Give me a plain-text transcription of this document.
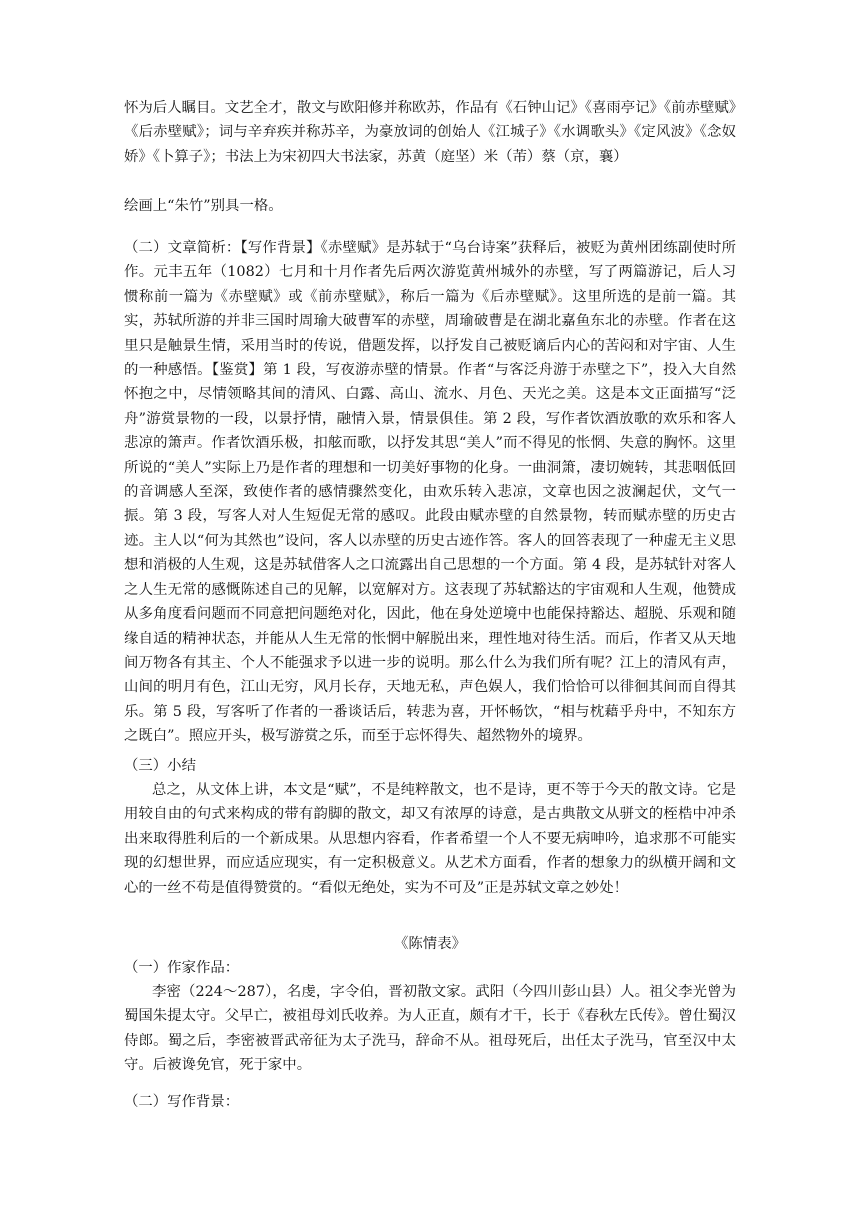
怀为后人瞩目。文艺全才，散文与欧阳修并称欧苏，作品有《石钟山记》《喜雨亭记》《前赤壁赋》《后赤壁赋》；词与辛弃疾并称苏辛，为豪放词的创始人《江城子》《水调歌头》《定风波》《念奴娇》《卜算子》；书法上为宋初四大书法家，苏黄（庭坚）米（芾）蔡（京，襄）

绘画上“朱竹”别具一格。

（二）文章简析：【写作背景】《赤壁赋》是苏轼于“乌台诗案”获释后，被贬为黄州团练副使时所作。元丰五年（1082）七月和十月作者先后两次游览黄州城外的赤壁，写了两篇游记，后人习惯称前一篇为《赤壁赋》或《前赤壁赋》，称后一篇为《后赤壁赋》。这里所选的是前一篇。其实，苏轼所游的并非三国时周瑜大破曹军的赤壁，周瑜破曹是在湖北嘉鱼东北的赤壁。作者在这里只是触景生情，采用当时的传说，借题发挥，以抒发自己被贬谪后内心的苦闷和对宇宙、人生的一种感悟。【鉴赏】第 1 段，写夜游赤壁的情景。作者“与客泛舟游于赤壁之下”，投入大自然怀抱之中，尽情领略其间的清风、白露、高山、流水、月色、天光之美。这是本文正面描写“泛舟”游赏景物的一段，以景抒情，融情入景，情景俱佳。第 2 段，写作者饮酒放歌的欢乐和客人悲凉的箫声。作者饮酒乐极，扣舷而歌，以抒发其思“美人”而不得见的怅惘、失意的胸怀。这里所说的“美人”实际上乃是作者的理想和一切美好事物的化身。一曲洞箫，凄切婉转，其悲咽低回的音调感人至深，致使作者的感情骤然变化，由欢乐转入悲凉，文章也因之波澜起伏，文气一振。第 3 段，写客人对人生短促无常的感叹。此段由赋赤壁的自然景物，转而赋赤壁的历史古迹。主人以“何为其然也”设问，客人以赤壁的历史古迹作答。客人的回答表现了一种虚无主义思想和消极的人生观，这是苏轼借客人之口流露出自己思想的一个方面。第 4 段，是苏轼针对客人之人生无常的感慨陈述自己的见解，以宽解对方。这表现了苏轼豁达的宇宙观和人生观，他赞成从多角度看问题而不同意把问题绝对化，因此，他在身处逆境中也能保持豁达、超脱、乐观和随缘自适的精神状态，并能从人生无常的怅惘中解脱出来，理性地对待生活。而后，作者又从天地间万物各有其主、个人不能强求予以进一步的说明。那么什么为我们所有呢？江上的清风有声，山间的明月有色，江山无穷，风月长存，天地无私，声色娱人，我们恰恰可以徘徊其间而自得其乐。第 5 段，写客听了作者的一番谈话后，转悲为喜，开怀畅饮，“相与枕藉乎舟中，不知东方之既白”。照应开头，极写游赏之乐，而至于忘怀得失、超然物外的境界。

（三）小结

总之，从文体上讲，本文是“赋”，不是纯粹散文，也不是诗，更不等于今天的散文诗。它是用较自由的句式来构成的带有韵脚的散文，却又有浓厚的诗意，是古典散文从骈文的桎梏中冲杀出来取得胜利后的一个新成果。从思想内容看，作者希望一个人不要无病呻吟，追求那不可能实现的幻想世界，而应适应现实，有一定积极意义。从艺术方面看，作者的想象力的纵横开阔和文心的一丝不苟是值得赞赏的。“看似无绝处，实为不可及”正是苏轼文章之妙处！

《陈情表》

（一）作家作品：

李密（224～287），名虔，字令伯，晋初散文家。武阳（今四川彭山县）人。祖父李光曾为蜀国朱提太守。父早亡，被祖母刘氏收养。为人正直，颇有才干，长于《春秋左氏传》。曾仕蜀汉侍郎。蜀之后，李密被晋武帝征为太子洗马，辞命不从。祖母死后，出任太子洗马，官至汉中太守。后被谗免官，死于家中。

（二）写作背景：
